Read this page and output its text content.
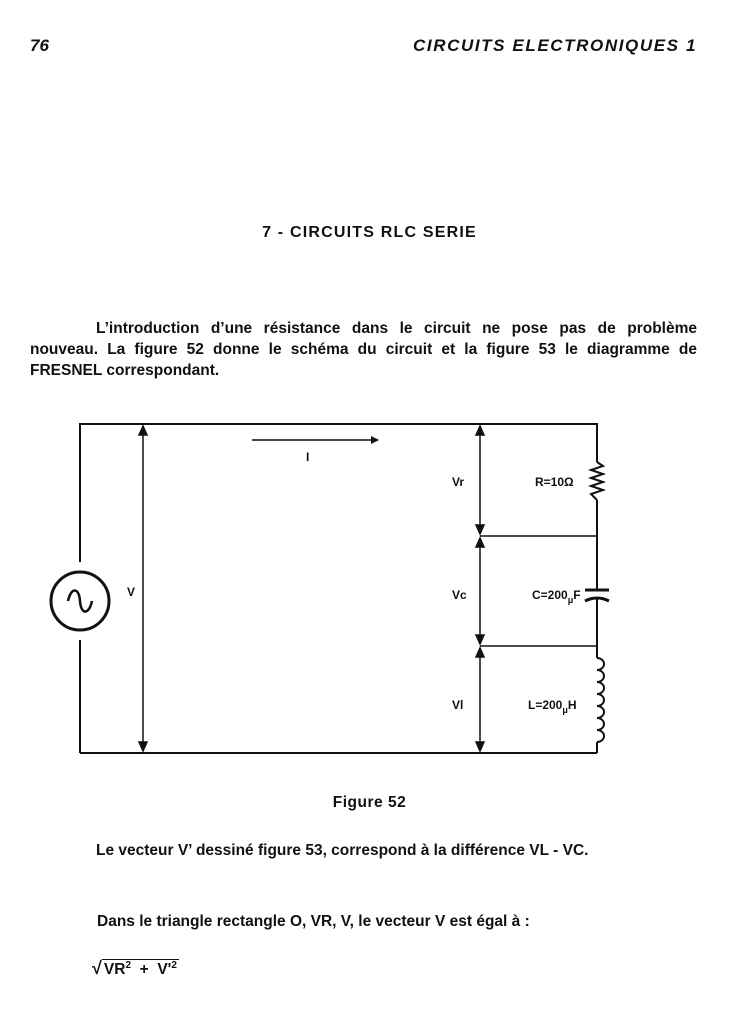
76	CIRCUITS ELECTRONIQUES 1
7 - CIRCUITS RLC SERIE

L’introduction d’une résistance dans le circuit ne pose pas de problème nouveau. La figure 52 donne le schéma du circuit et la figure 53 le diagramme de FRESNEL correspondant.

I
V
Vr
Vc
Vl
R=10Ω
$C=200_\mu F$
$L=200_\mu H$
Figure 52

Le vecteur V’ dessiné figure 53, correspond à la différence VL - VC.

Dans le triangle rectangle O, VR, V, le vecteur V est égal à :
√ $VR^2 + V'^2$
